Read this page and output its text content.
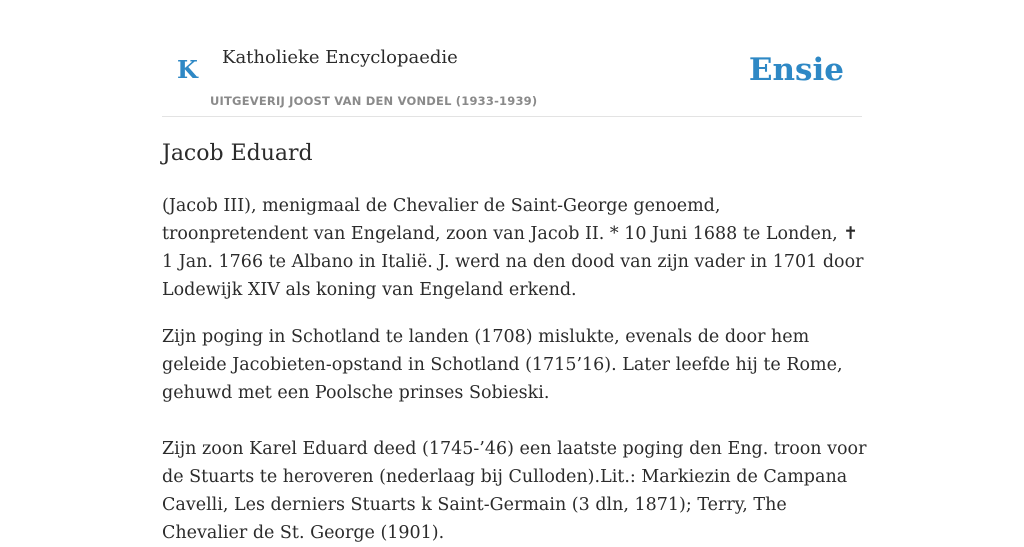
K Katholieke Encyclopaedie
UITGEVERIJ JOOST VAN DEN VONDEL (1933-1939)
Ensie
Jacob Eduard

(Jacob III), menigmaal de Chevalier de Saint-George genoemd, troonpretendent van Engeland, zoon van Jacob II. * 10 Juni 1688 te Londen, ✝ 1 Jan. 1766 te Albano in Italië. J. werd na den dood van zijn vader in 1701 door Lodewijk XIV als koning van Engeland erkend.

Zijn poging in Schotland te landen (1708) mislukte, evenals de door hem geleide Jacobieten-opstand in Schotland (1715’16). Later leefde hij te Rome, gehuwd met een Poolsche prinses Sobieski.

Zijn zoon Karel Eduard deed (1745-’46) een laatste poging den Eng. troon voor de Stuarts te heroveren (nederlaag bij Culloden).Lit.: Markiezin de Campana Cavelli, Les derniers Stuarts k Saint-Germain (3 dln, 1871); Terry, The Chevalier de St. George (1901).
